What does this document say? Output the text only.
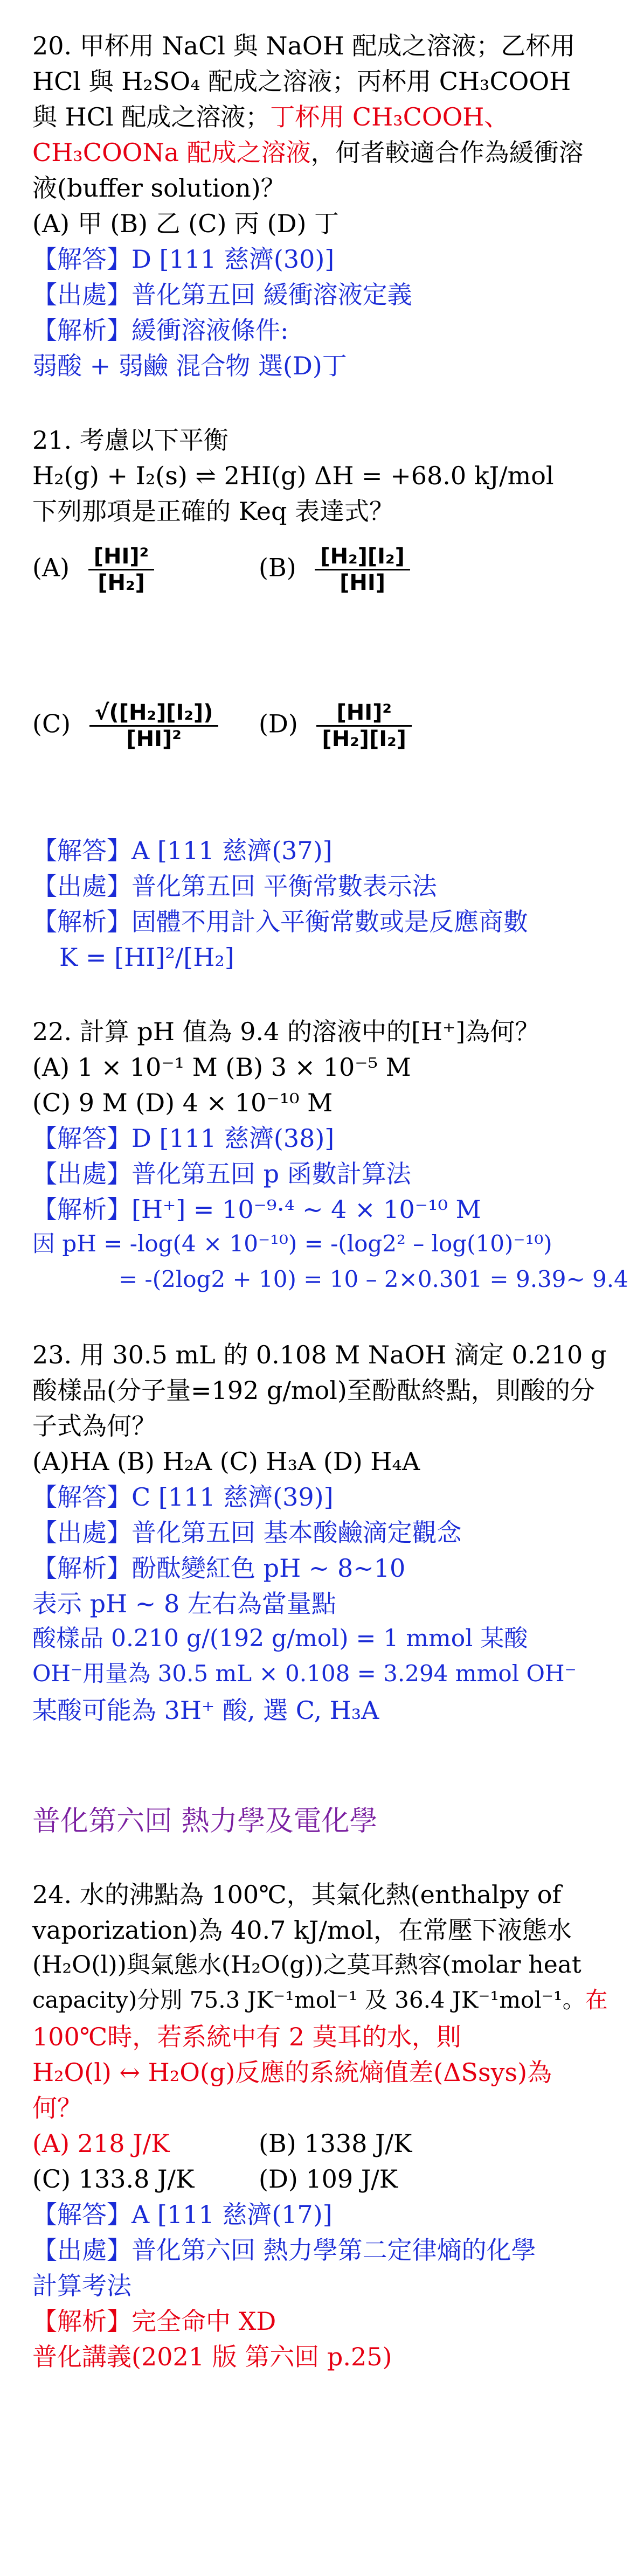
20. 甲杯用 NaCl 與 NaOH 配成之溶液；乙杯用
HCl 與 H₂SO₄ 配成之溶液；丙杯用 CH₃COOH
與 HCl 配成之溶液；丁杯用 CH₃COOH、
CH₃COONa 配成之溶液，何者較適合作為緩衝溶
液(buffer solution)？
(A) 甲 (B) 乙 (C) 丙 (D) 丁
【解答】D [111 慈濟(30)]
【出處】普化第五回 緩衝溶液定義
【解析】緩衝溶液條件:
弱酸 + 弱鹼 混合物 選(D)丁
21. 考慮以下平衡
H₂(g) + I₂(s) ⇌ 2HI(g) ΔH = +68.0 kJ/mol
下列那項是正確的 Keq 表達式？
$(A) \frac{\text{[HI]²}}{\text{[H₂]}}$	$(B) \frac{\text{[H₂][I₂]}}{[HI]}$
$(C) \frac{\text{√([H₂][I₂])}}{\text{[HI]²}} (D) \frac{\text{[HI]²}}{\text{[H₂][I₂]}}$
【解答】A [111 慈濟(37)]
【出處】普化第五回 平衡常數表示法
【解析】固體不用計入平衡常數或是反應商數
K = [HI]²/[H₂]
22. 計算 pH 值為 9.4 的溶液中的[H⁺]為何？
(A) 1 × 10⁻¹ M (B) 3 × 10⁻⁵ M
(C) 9 M (D) 4 × 10⁻¹⁰ M
【解答】D [111 慈濟(38)]
【出處】普化第五回 p 函數計算法
【解析】[H⁺] = 10⁻⁹·⁴ ~ 4 × 10⁻¹⁰ M
因 pH = -log(4 × 10⁻¹⁰) = -(log2² – log(10)⁻¹⁰)
= -(2log2 + 10) = 10 – 2×0.301 = 9.39~ 9.4
23. 用 30.5 mL 的 0.108 M NaOH 滴定 0.210 g
酸樣品(分子量=192 g/mol)至酚酞終點，則酸的分
子式為何？
(A)HA (B) H₂A (C) H₃A (D) H₄A
【解答】C [111 慈濟(39)]
【出處】普化第五回 基本酸鹼滴定觀念
【解析】酚酞變紅色 pH ~ 8~10
表示 pH ~ 8 左右為當量點
酸樣品 0.210 g/(192 g/mol) = 1 mmol 某酸
OH⁻用量為 30.5 mL × 0.108 = 3.294 mmol OH⁻
某酸可能為 3H⁺ 酸, 選 C, H₃A
普化第六回 熱力學及電化學
24. 水的沸點為 100℃，其氣化熱(enthalpy of
vaporization)為 40.7 kJ/mol，在常壓下液態水
(H₂O(l))與氣態水(H₂O(g))之莫耳熱容(molar heat
capacity)分別 75.3 JK⁻¹mol⁻¹ 及 36.4 JK⁻¹mol⁻¹。在
100℃時，若系統中有 2 莫耳的水，則
H₂O(l) ↔ H₂O(g)反應的系統熵值差(ΔSsys)為
何？
(A) 218 J/K	(B) 1338 J/K
(C) 133.8 J/K	(D) 109 J/K
【解答】A [111 慈濟(17)]
【出處】普化第六回 熱力學第二定律熵的化學
計算考法
【解析】完全命中 XD
普化講義(2021 版 第六回 p.25)
